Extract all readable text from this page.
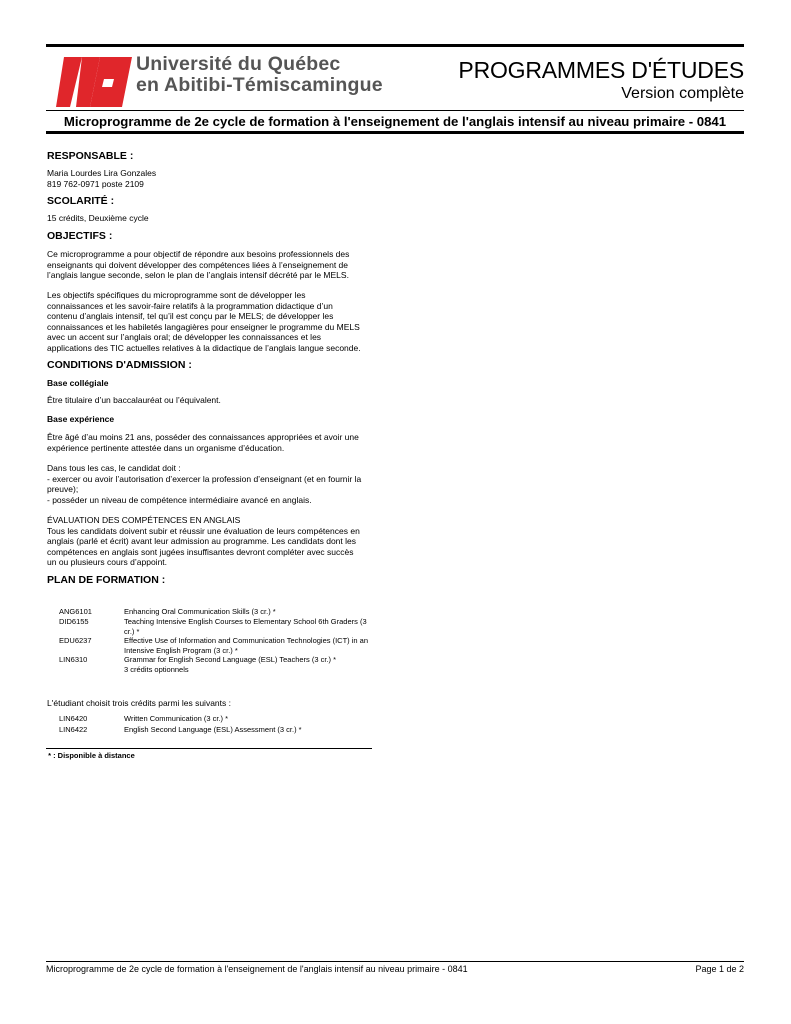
Université du Québec
en Abitibi-Témiscamingue
PROGRAMMES D'ÉTUDES
Version complète
Microprogramme de 2e cycle de formation à l'enseignement de l'anglais intensif au niveau primaire - 0841
RESPONSABLE :
Maria Lourdes Lira Gonzales
819 762-0971 poste 2109
SCOLARITÉ :
15 crédits, Deuxième cycle
OBJECTIFS :
Ce microprogramme a pour objectif de répondre aux besoins professionnels des
enseignants qui doivent développer des compétences liées à l’enseignement de
l’anglais langue seconde, selon le plan de l’anglais intensif décrété par le MELS.
Les objectifs spécifiques du microprogramme sont de développer les
connaissances et les savoir-faire relatifs à la programmation didactique d’un
contenu d’anglais intensif, tel qu’il est conçu par le MELS; de développer les
connaissances et les habiletés langagières pour enseigner le programme du MELS
avec un accent sur l’anglais oral; de développer les connaissances et les
applications des TIC actuelles relatives à la didactique de l’anglais langue seconde.
CONDITIONS D'ADMISSION :
Base collégiale
Être titulaire d’un baccalauréat ou l’équivalent.
Base expérience
Être âgé d’au moins 21 ans, posséder des connaissances appropriées et avoir une
expérience pertinente attestée dans un organisme d’éducation.
Dans tous les cas, le candidat doit :
- exercer ou avoir l’autorisation d’exercer la profession d’enseignant (et en fournir la
preuve);
- posséder un niveau de compétence intermédiaire avancé en anglais.
ÉVALUATION DES COMPÉTENCES EN ANGLAIS
Tous les candidats doivent subir et réussir une évaluation de leurs compétences en
anglais (parlé et écrit) avant leur admission au programme. Les candidats dont les
compétences en anglais sont jugées insuffisantes devront compléter avec succès
un ou plusieurs cours d’appoint.
PLAN DE FORMATION :
ANG6101	Enhancing Oral Communication Skills (3 cr.) *
DID6155	Teaching Intensive English Courses to Elementary School 6th Graders (3 cr.) *
EDU6237	Effective Use of Information and Communication Technologies (ICT) in an Intensive English Program (3 cr.) *
LIN6310	Grammar for English Second Language (ESL) Teachers (3 cr.) *
3 crédits optionnels
L'étudiant choisit trois crédits parmi les suivants :
LIN6420	Written Communication (3 cr.) *
LIN6422	English Second Language (ESL) Assessment (3 cr.) *
* : Disponible à distance
Microprogramme de 2e cycle de formation à l'enseignement de l'anglais intensif au niveau primaire - 0841	Page 1 de 2
